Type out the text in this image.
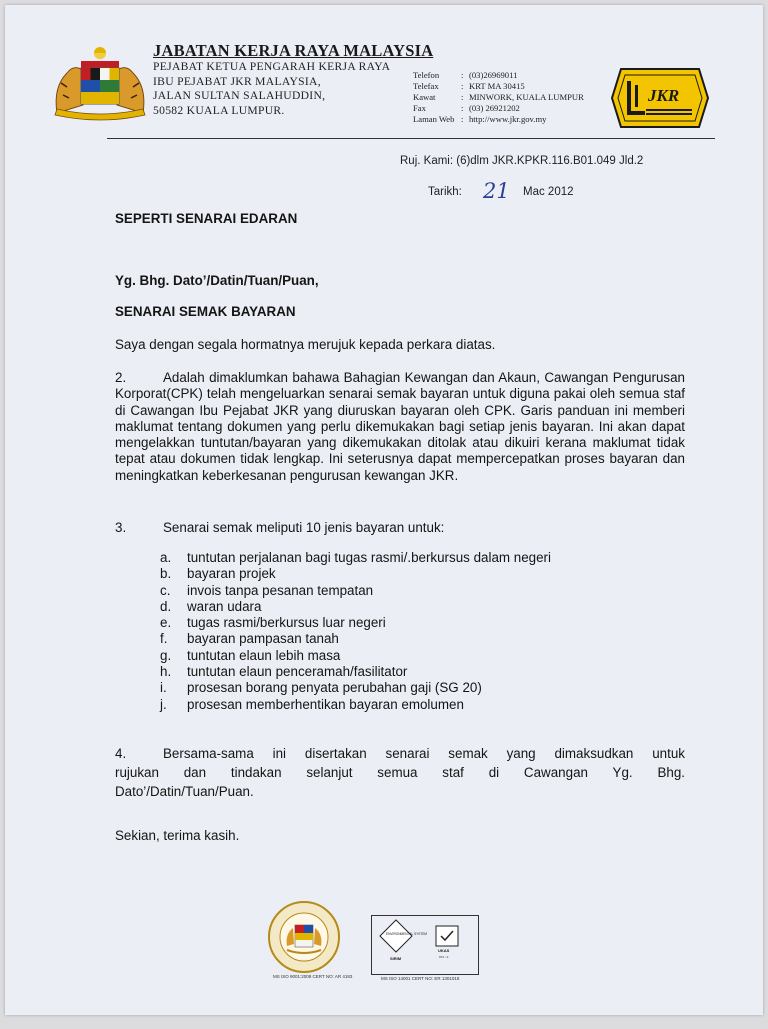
JABATAN KERJA RAYA MALAYSIA
PEJABAT KETUA PENGARAH KERJA RAYA
IBU PEJABAT JKR MALAYSIA,
JALAN SULTAN SALAHUDDIN,
50582 KUALA LUMPUR.
Telefon	: (03)26969011
Telefax	: KRT MA 30415
Kawat	: MINWORK, KUALA LUMPUR
Fax	: (03) 26921202
Laman Web : http://www.jkr.gov.my
JKR
Ruj. Kami: (6)dlm JKR.KPKR.116.B01.049 Jld.2
Tarikh: 21 Mac 2012
SEPERTI SENARAI EDARAN
Yg. Bhg. Dato’/Datin/Tuan/Puan,
SENARAI SEMAK BAYARAN
Saya dengan segala hormatnya merujuk kepada perkara diatas.
2.	Adalah dimaklumkan bahawa Bahagian Kewangan dan Akaun, Cawangan Pengurusan Korporat(CPK) telah mengeluarkan senarai semak bayaran untuk diguna pakai oleh semua staf di Cawangan Ibu Pejabat JKR yang diuruskan bayaran oleh CPK. Garis panduan ini memberi maklumat tentang dokumen yang perlu dikemukakan bagi setiap jenis bayaran. Ini akan dapat mengelakkan tuntutan/bayaran yang dikemukakan ditolak atau dikuiri kerana maklumat tidak tepat atau dokumen tidak lengkap. Ini seterusnya dapat mempercepatkan proses bayaran dan meningkatkan keberkesanan pengurusan kewangan JKR.
3.	Senarai semak meliputi 10 jenis bayaran untuk:
a. tuntutan perjalanan bagi tugas rasmi/.berkursus dalam negeri
b. bayaran projek
c. invois tanpa pesanan tempatan
d. waran udara
e. tugas rasmi/berkursus luar negeri
f. bayaran pampasan tanah
g. tuntutan elaun lebih masa
h. tuntutan elaun penceramah/fasilitator
i. prosesan borang penyata perubahan gaji (SG 20)
j. prosesan memberhentikan bayaran emolumen
4.	Bersama-sama ini disertakan senarai semak yang dimaksudkan untuk
rujukan dan tindakan selanjut semua staf di Cawangan Yg. Bhg.
Dato’/Datin/Tuan/Puan.
Sekian, terima kasih.
MS ISO 9001:2008 CERT NO: AR 4183
ENVIRONMENTAL SYSTEM
SIRIM
UKAS
074 - 0
MS ISO 14001 CERT NO: ER 1301018
